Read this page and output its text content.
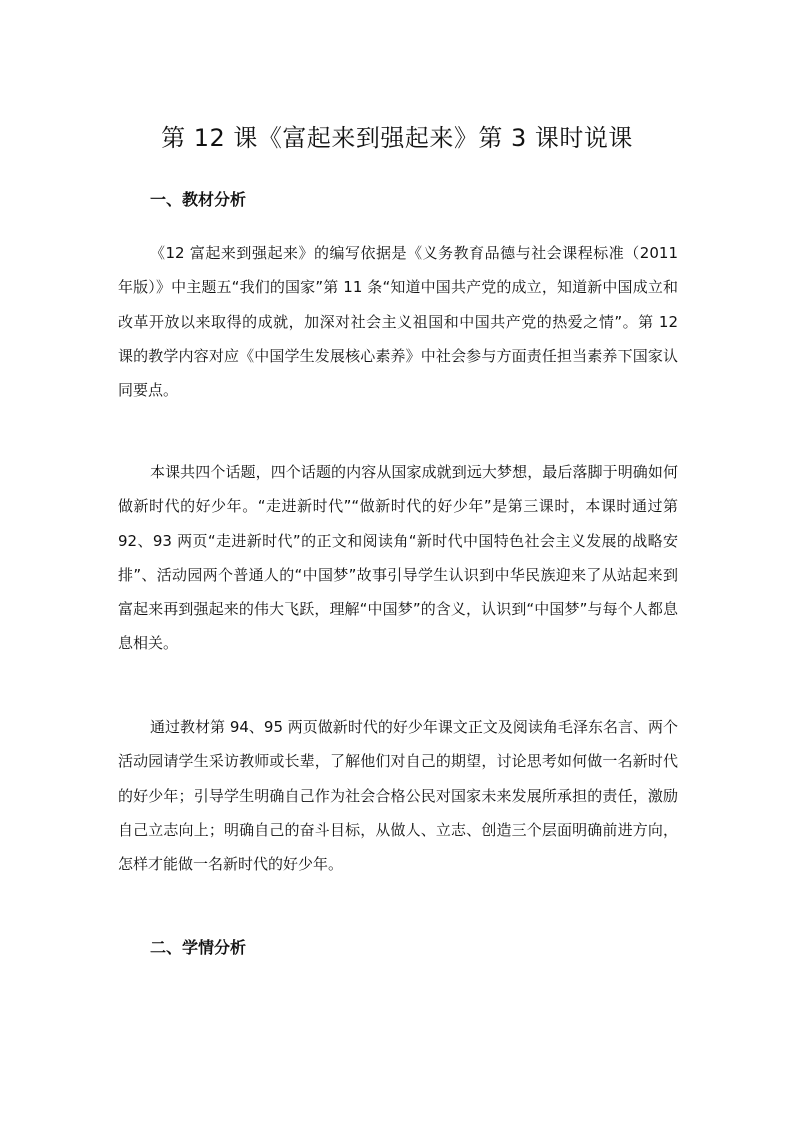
第 12 课《富起来到强起来》第 3 课时说课
一、教材分析

《12 富起来到强起来》的编写依据是《义务教育品德与社会课程标准（2011 年版）》中主题五“我们的国家”第 11 条“知道中国共产党的成立，知道新中国成立和改革开放以来取得的成就，加深对社会主义祖国和中国共产党的热爱之情”。第 12 课的教学内容对应《中国学生发展核心素养》中社会参与方面责任担当素养下国家认同要点。

本课共四个话题，四个话题的内容从国家成就到远大梦想，最后落脚于明确如何做新时代的好少年。“走进新时代”“做新时代的好少年”是第三课时，本课时通过第 92、93 两页“走进新时代”的正文和阅读角“新时代中国特色社会主义发展的战略安排”、活动园两个普通人的“中国梦”故事引导学生认识到中华民族迎来了从站起来到富起来再到强起来的伟大飞跃，理解“中国梦”的含义，认识到“中国梦”与每个人都息息相关。

通过教材第 94、95 两页做新时代的好少年课文正文及阅读角毛泽东名言、两个活动园请学生采访教师或长辈，了解他们对自己的期望，讨论思考如何做一名新时代的好少年；引导学生明确自己作为社会合格公民对国家未来发展所承担的责任，激励自己立志向上；明确自己的奋斗目标，从做人、立志、创造三个层面明确前进方向，怎样才能做一名新时代的好少年。

二、学情分析
